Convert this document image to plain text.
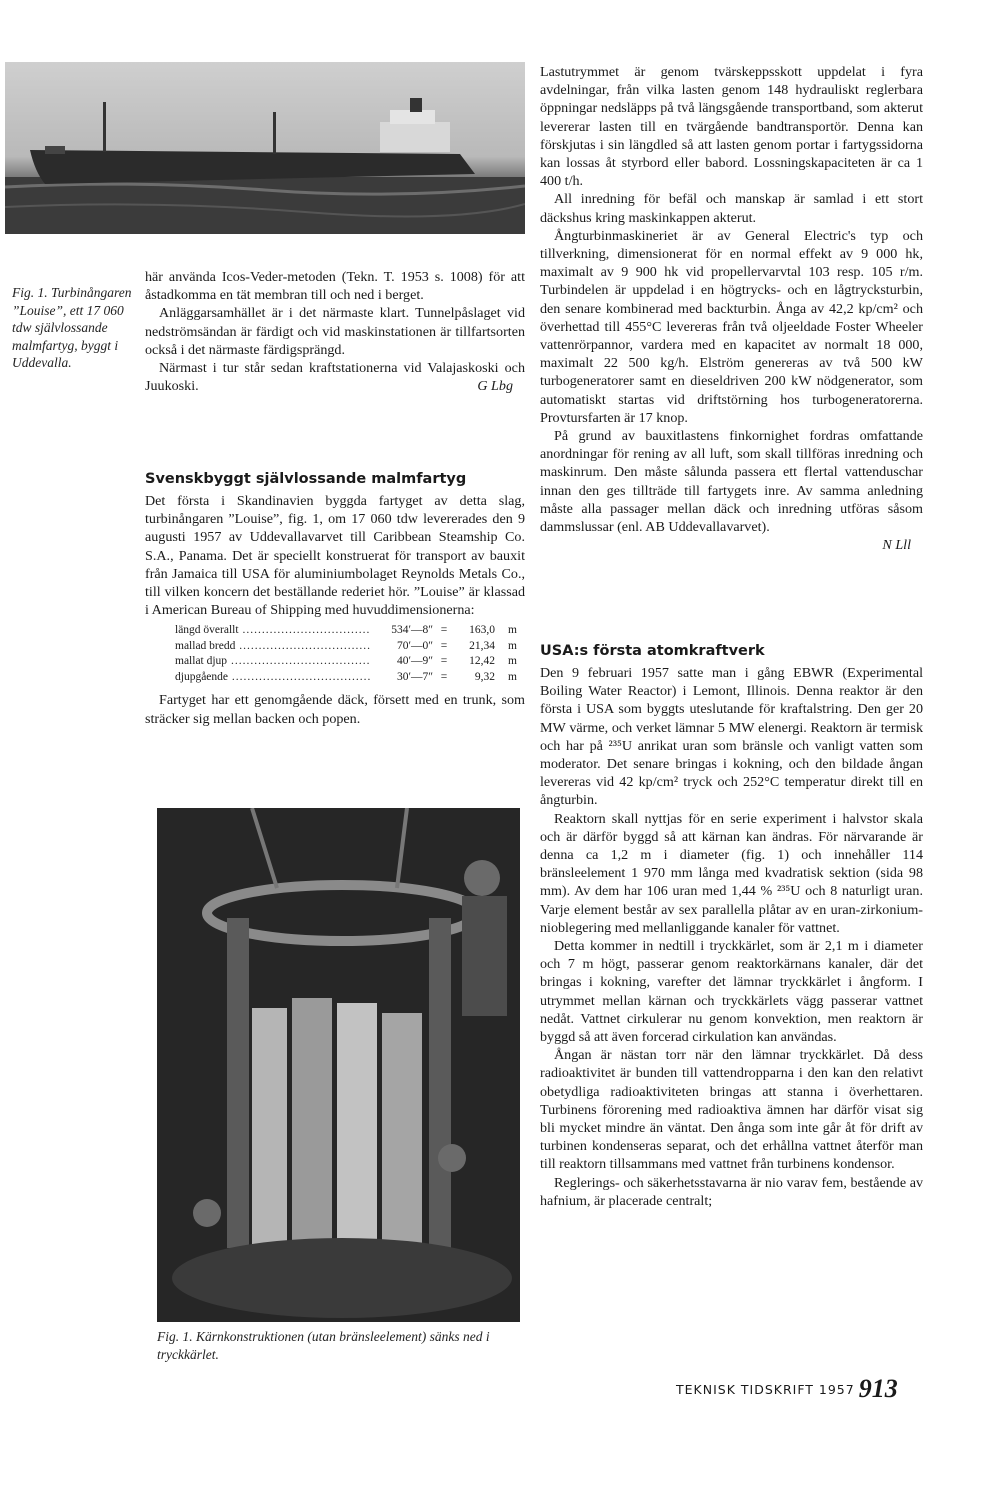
Fig. 1. Turbinångaren ”Louise”, ett 17 060 tdw självlossande malmfartyg, byggt i Uddevalla.

här använda Icos-Veder-metoden (Tekn. T. 1953 s. 1008) för att åstadkomma en tät membran till och ned i berget.

Anläggarsamhället är i det närmaste klart. Tunnelpåslaget vid nedströmsändan är färdigt och vid maskinstationen är tillfartsorten också i det närmaste färdigsprängd.

Närmast i tur står sedan kraftstationerna vid Valajaskoski och Juukoski.	G Lbg

Svenskbyggt självlossande malmfartyg

Det första i Skandinavien byggda fartyget av detta slag, turbinångaren ”Louise”, fig. 1, om 17 060 tdw levererades den 9 augusti 1957 av Uddevallavarvet till Caribbean Steamship Co. S.A., Panama. Det är speciellt konstruerat för transport av bauxit från Jamaica till USA för aluminiumbolaget Reynolds Metals Co., till vilken koncern det beställande rederiet hör. ”Louise” är klassad i American Bureau of Shipping med huvuddimensionerna:

längd överallt .....	534′—8″ =	163,0	m
mallad bredd .....	70′—0″ =	21,34	m
mallat djup .....	40′—9″ =	12,42	m
djupgående .....	30′—7″ =	9,32	m

Fartyget har ett genomgående däck, försett med en trunk, som sträcker sig mellan backen och popen.

Fig. 1. Kärnkonstruktionen (utan bränsleelement) sänks ned i tryckkärlet.

Lastutrymmet är genom tvärskeppsskott uppdelat i fyra avdelningar, från vilka lasten genom 148 hydrauliskt reglerbara öppningar nedsläpps på två längsgående transportband, som akterut levererar lasten till en tvärgående bandtransportör. Denna kan förskjutas i sin längdled så att lasten genom portar i fartygssidorna kan lossas åt styrbord eller babord. Lossningskapaciteten är ca 1 400 t/h.

All inredning för befäl och manskap är samlad i ett stort däckshus kring maskinkappen akterut.

Ångturbinmaskineriet är av General Electric's typ och tillverkning, dimensionerat för en normal effekt av 9 000 hk, maximalt av 9 900 hk vid propellervarvtal 103 resp. 105 r/m. Turbindelen är uppdelad i en högtrycks- och en lågtrycksturbin, den senare kombinerad med backturbin. Ånga av 42,2 kp/cm² och överhettad till 455°C levereras från två oljeeldade Foster Wheeler vattenrörpannor, vardera med en kapacitet av normalt 18 000, maximalt 22 500 kg/h. Elström genereras av två 500 kW turbogeneratorer samt en dieseldriven 200 kW nödgenerator, som automatiskt startas vid driftstörning hos turbogeneratorerna. Provtursfarten är 17 knop.

På grund av bauxitlastens finkornighet fordras omfattande anordningar för rening av all luft, som skall tillföras inredning och maskinrum. Den måste sålunda passera ett flertal vattenduschar innan den ges tillträde till fartygets inre. Av samma anledning måste alla passager mellan däck och inredning utföras såsom dammslussar (enl. AB Uddevallavarvet).

N Lll

USA:s första atomkraftverk

Den 9 februari 1957 satte man i gång EBWR (Experimental Boiling Water Reactor) i Lemont, Illinois. Denna reaktor är den första i USA som byggts uteslutande för kraftalstring. Den ger 20 MW värme, och verket lämnar 5 MW elenergi. Reaktorn är termisk och har på ²³⁵U anrikat uran som bränsle och vanligt vatten som moderator. Det senare bringas i kokning, och den bildade ångan levereras vid 42 kp/cm² tryck och 252°C temperatur direkt till en ångturbin.

Reaktorn skall nyttjas för en serie experiment i halvstor skala och är därför byggd så att kärnan kan ändras. För närvarande är denna ca 1,2 m i diameter (fig. 1) och innehåller 114 bränsleelement 1 970 mm långa med kvadratisk sektion (sida 98 mm). Av dem har 106 uran med 1,44 % ²³⁵U och 8 naturligt uran. Varje element består av sex parallella plåtar av en uran-zirkonium-nioblegering med mellanliggande kanaler för vattnet.

Detta kommer in nedtill i tryckkärlet, som är 2,1 m i diameter och 7 m högt, passerar genom reaktorkärnans kanaler, där det bringas i kokning, varefter det lämnar tryckkärlet i ångform. I utrymmet mellan kärnan och tryckkärlets vägg passerar vattnet nedåt. Vattnet cirkulerar nu genom konvektion, men reaktorn är byggd så att även forcerad cirkulation kan användas.

Ångan är nästan torr när den lämnar tryckkärlet. Då dess radioaktivitet är bunden till vattendropparna i den kan den relativt obetydliga radioaktiviteten bringas att stanna i överhettaren. Turbinens förorening med radioaktiva ämnen har därför visat sig bli mycket mindre än väntat. Den ånga som inte går åt för drift av turbinen kondenseras separat, och det erhållna vattnet återför man till reaktorn tillsammans med vattnet från turbinens kondensor.

Reglerings- och säkerhetsstavarna är nio varav fem, bestående av hafnium, är placerade centralt;

TEKNISK TIDSKRIFT 1957 913
